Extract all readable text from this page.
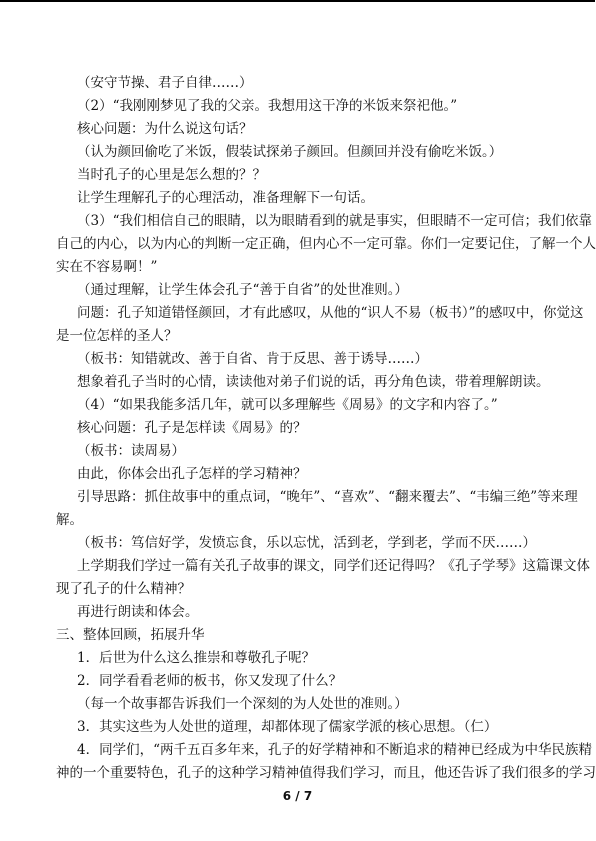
（安守节操、君子自律……）
（2）“我刚刚梦见了我的父亲。我想用这干净的米饭来祭祀他。”
核心问题：为什么说这句话？
（认为颜回偷吃了米饭，假装试探弟子颜回。但颜回并没有偷吃米饭。）
当时孔子的心里是怎么想的？？
让学生理解孔子的心理活动，准备理解下一句话。
（3）“我们相信自己的眼睛，以为眼睛看到的就是事实，但眼睛不一定可信；我们依靠
自己的内心，以为内心的判断一定正确，但内心不一定可靠。你们一定要记住，了解一个人
实在不容易啊！”
（通过理解，让学生体会孔子“善于自省”的处世准则。）
问题：孔子知道错怪颜回，才有此感叹，从他的“识人不易（板书）”的感叹中，你觉这
是一位怎样的圣人？
（板书：知错就改、善于自省、肯于反思、善于诱导……）
想象着孔子当时的心情，读读他对弟子们说的话，再分角色读，带着理解朗读。
（4）“如果我能多活几年，就可以多理解些《周易》的文字和内容了。”
核心问题：孔子是怎样读《周易》的？
（板书：读周易）
由此，你体会出孔子怎样的学习精神？
引导思路：抓住故事中的重点词，“晚年”、“喜欢”、“翻来覆去”、“韦编三绝”等来理
解。
（板书：笃信好学，发愤忘食，乐以忘忧，活到老，学到老，学而不厌……）
上学期我们学过一篇有关孔子故事的课文，同学们还记得吗？《孔子学琴》这篇课文体
现了孔子的什么精神？
再进行朗读和体会。
三、整体回顾，拓展升华
1．后世为什么这么推崇和尊敬孔子呢？
2．同学看看老师的板书，你又发现了什么？
（每一个故事都告诉我们一个深刻的为人处世的准则。）
3．其实这些为人处世的道理，却都体现了儒家学派的核心思想。（仁）
4．同学们，“两千五百多年来，孔子的好学精神和不断追求的精神已经成为中华民族精
神的一个重要特色，孔子的这种学习精神值得我们学习，而且，他还告诉了我们很多的学习
6 / 7
